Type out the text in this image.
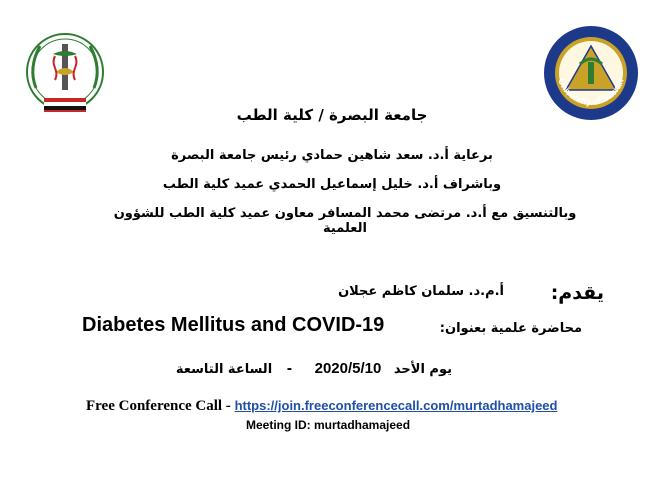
University of Basrah
جامعة البصرة / كلية الطب
برعاية أ.د. سعد شاهين حمادي رئيس جامعة البصرة
وباشراف أ.د. خليل إسماعيل الحمدي عميد كلية الطب
وبالتنسيق مع أ.د. مرتضى محمد المسافر معاون عميد كلية الطب للشؤون العلمية
يقدم:
أ.م.د. سلمان كاظم عجلان
محاضرة علمية بعنوان:
Diabetes Mellitus and COVID-19
يوم الأحد 2020/5/10 - الساعة التاسعة
Free Conference Call - https://join.freeconferencecall.com/murtadhamajeed
Meeting ID: murtadhamajeed
